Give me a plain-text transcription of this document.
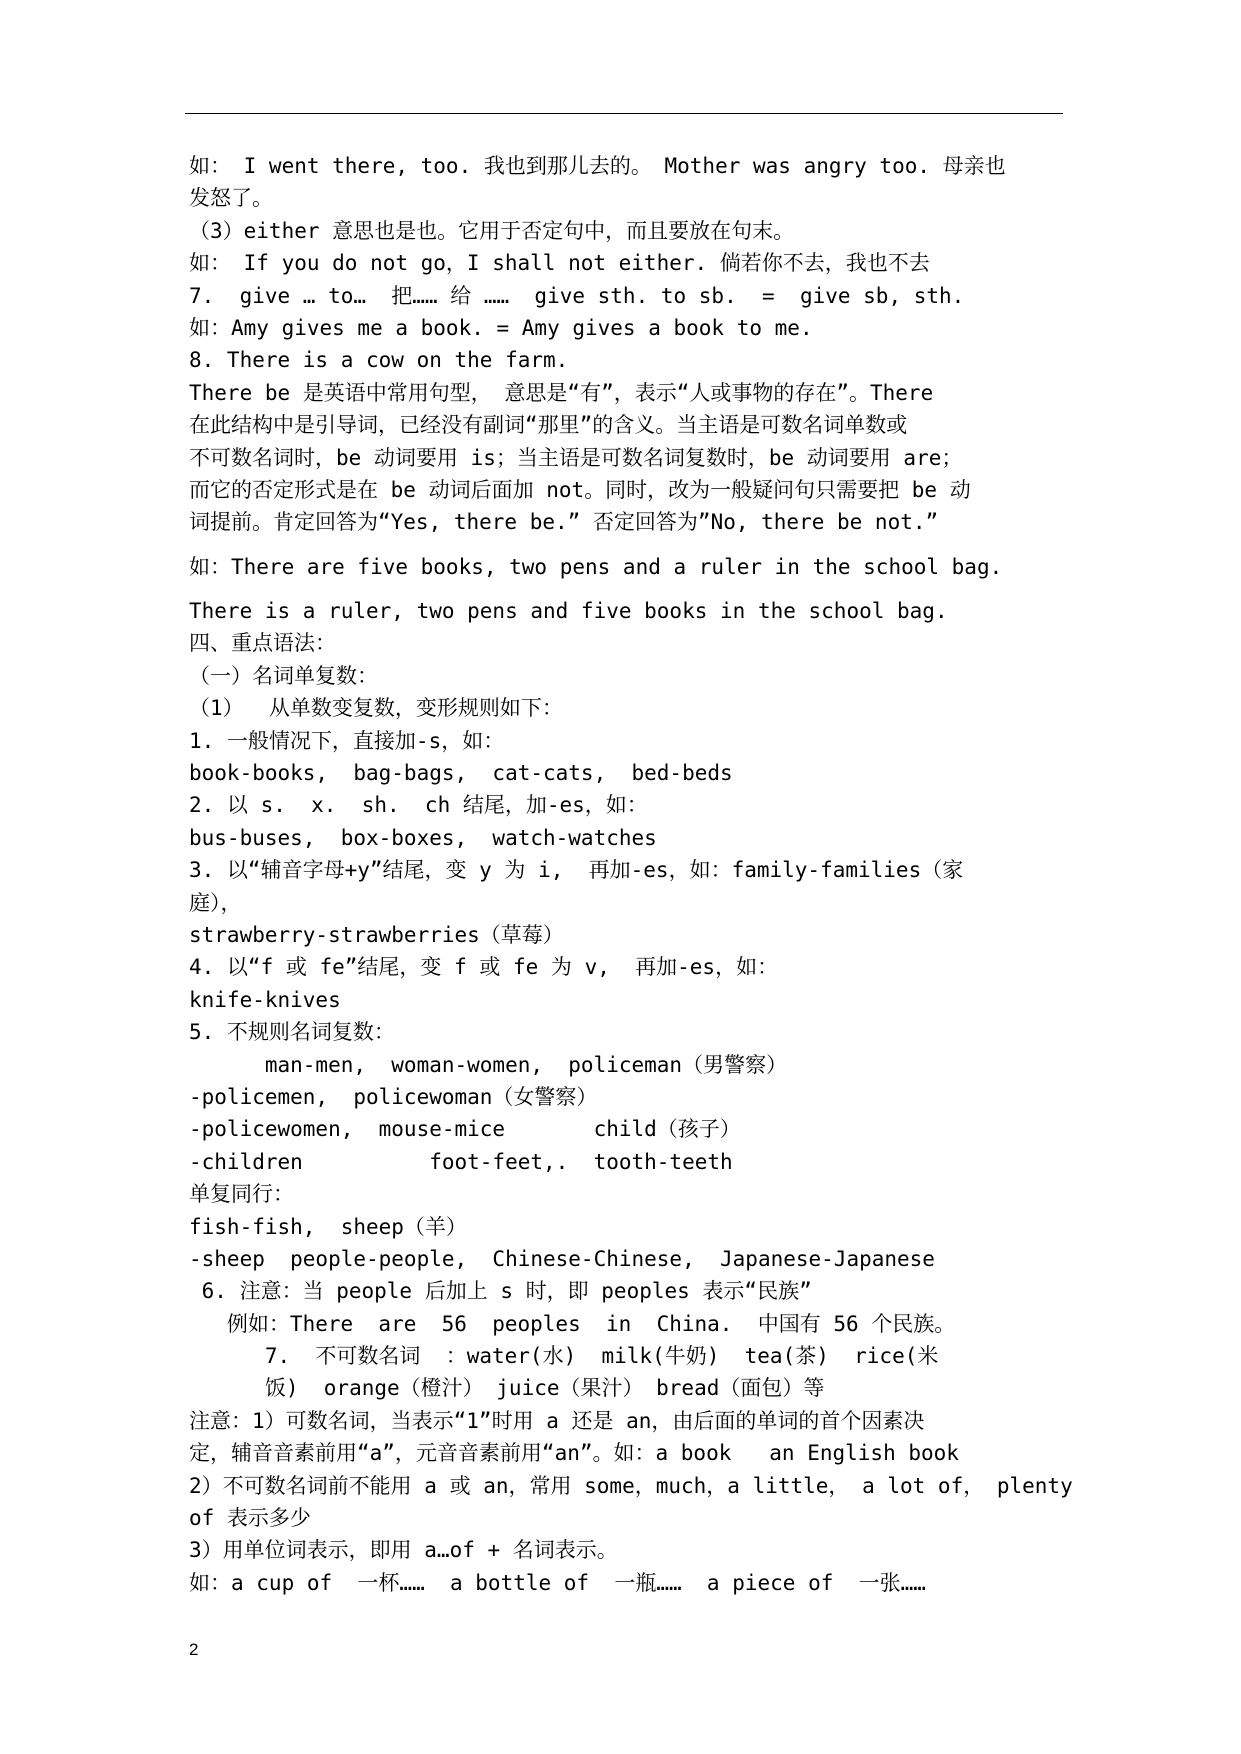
如： I went there, too. 我也到那儿去的。 Mother was angry too. 母亲也
发怒了。
（3）either 意思也是也。它用于否定句中，而且要放在句末。
如： If you do not go，I shall not either. 倘若你不去，我也不去
7.  give … to…  把…… 给 ……  give sth. to sb.  =  give sb, sth.
如：Amy gives me a book. = Amy gives a book to me.
8. There is a cow on the farm.
There be 是英语中常用句型， 意思是“有”，表示“人或事物的存在”。There
在此结构中是引导词，已经没有副词“那里”的含义。当主语是可数名词单数或
不可数名词时，be 动词要用 is；当主语是可数名词复数时，be 动词要用 are；
而它的否定形式是在 be 动词后面加 not。同时，改为一般疑问句只需要把 be 动
词提前。肯定回答为“Yes, there be.” 否定回答为”No, there be not.”
如：There are five books, two pens and a ruler in the school bag.
There is a ruler, two pens and five books in the school bag.
四、重点语法：
（一）名词单复数：
（1）  从单数变复数，变形规则如下：
1. 一般情况下，直接加-s，如：
book-books,  bag-bags,  cat-cats,  bed-beds
2. 以 s.  x.  sh.  ch 结尾，加-es，如：
bus-buses,  box-boxes,  watch-watches
3. 以“辅音字母+y”结尾，变 y 为 i,  再加-es，如：family-families（家
庭），
strawberry-strawberries（草莓）
4. 以“f 或 fe”结尾，变 f 或 fe 为 v,  再加-es，如：
knife-knives
5. 不规则名词复数：
man-men,  woman-women,  policeman（男警察）
-policemen,  policewoman（女警察）
-policewomen,  mouse-mice       child（孩子）
-children          foot-feet,.  tooth-teeth
单复同行：
fish-fish,  sheep（羊）
-sheep  people-people,  Chinese-Chinese,  Japanese-Japanese
6. 注意：当 people 后加上 s 时，即 peoples 表示“民族”
例如：There  are  56  peoples  in  China.  中国有 56 个民族。
7.  不可数名词  ：water(水)  milk(牛奶)  tea(茶)  rice(米
饭)  orange（橙汁） juice（果汁） bread（面包）等
注意：1）可数名词，当表示“1”时用 a 还是 an，由后面的单词的首个因素决
定，辅音音素前用“a”，元音音素前用“an”。如：a book   an English book
2）不可数名词前不能用 a 或 an，常用 some，much，a little， a lot of， plenty
of 表示多少
3）用单位词表示，即用 a…of + 名词表示。
如：a cup of  一杯……  a bottle of  一瓶……  a piece of  一张……
2
